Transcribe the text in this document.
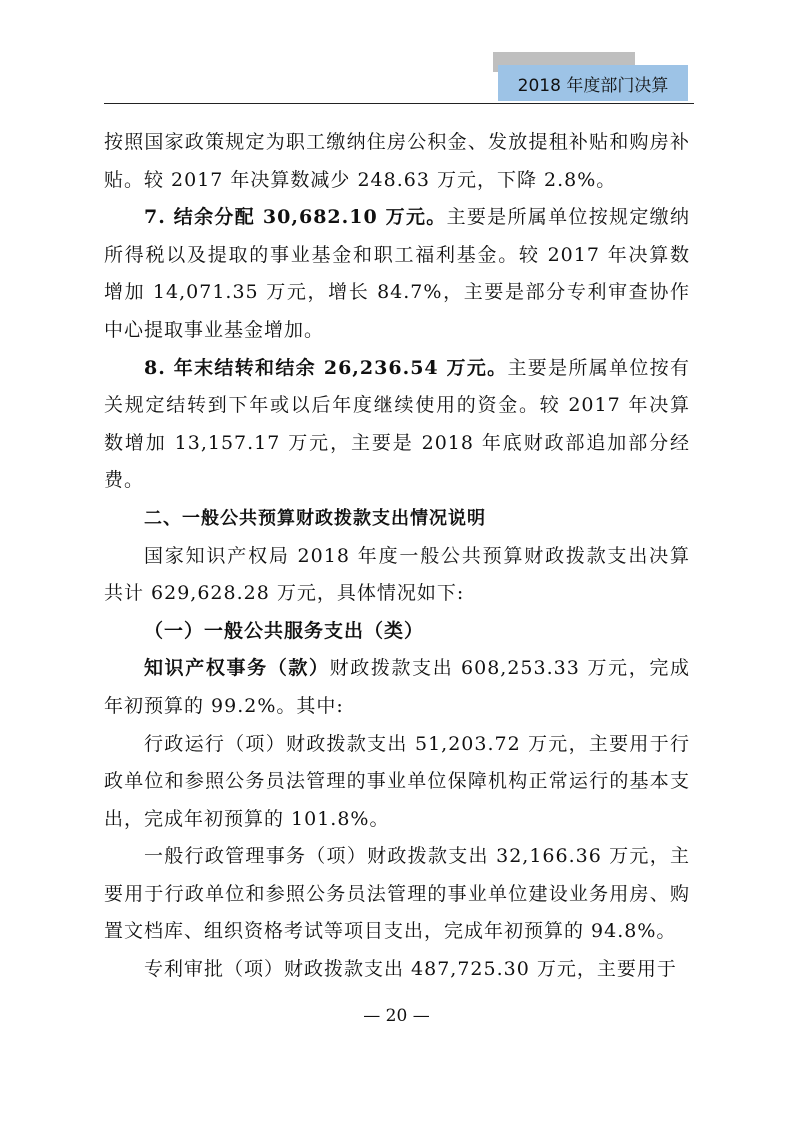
2018 年度部门决算

按照国家政策规定为职工缴纳住房公积金、发放提租补贴和购房补贴。较 2017 年决算数减少 248.63 万元，下降 2.8%。

7. 结余分配 30,682.10 万元。主要是所属单位按规定缴纳所得税以及提取的事业基金和职工福利基金。较 2017 年决算数增加 14,071.35 万元，增长 84.7%，主要是部分专利审查协作中心提取事业基金增加。

8. 年末结转和结余 26,236.54 万元。主要是所属单位按有关规定结转到下年或以后年度继续使用的资金。较 2017 年决算数增加 13,157.17 万元，主要是 2018 年底财政部追加部分经费。

二、一般公共预算财政拨款支出情况说明

国家知识产权局 2018 年度一般公共预算财政拨款支出决算共计 629,628.28 万元，具体情况如下:

（一）一般公共服务支出（类）

知识产权事务（款）财政拨款支出 608,253.33 万元，完成年初预算的 99.2%。其中:

行政运行（项）财政拨款支出 51,203.72 万元，主要用于行政单位和参照公务员法管理的事业单位保障机构正常运行的基本支出，完成年初预算的 101.8%。

一般行政管理事务（项）财政拨款支出 32,166.36 万元，主要用于行政单位和参照公务员法管理的事业单位建设业务用房、购置文档库、组织资格考试等项目支出，完成年初预算的 94.8%。

专利审批（项）财政拨款支出 487,725.30 万元，主要用于

— 20 —
